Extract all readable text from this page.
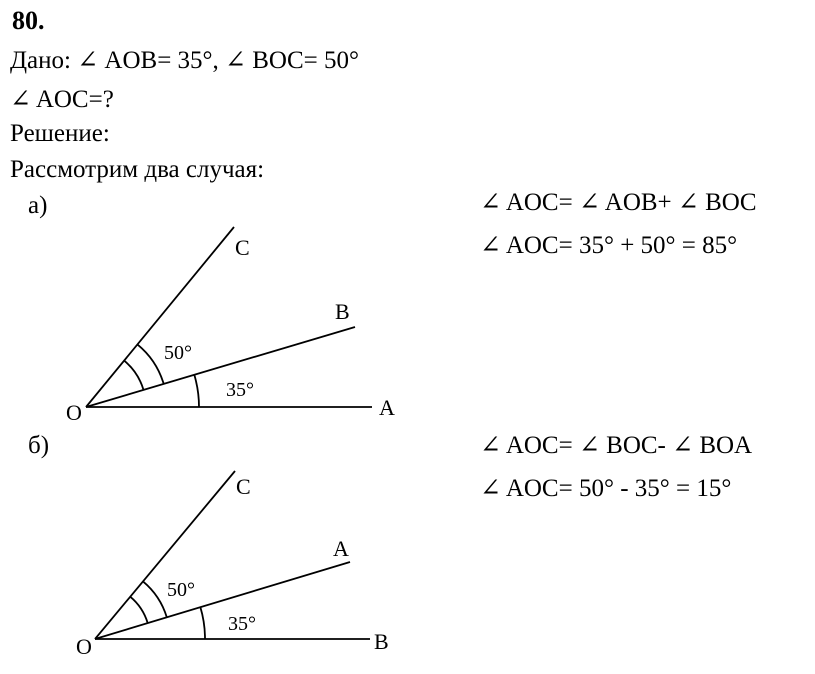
80.
Дано: ∠ AOB= 35°, ∠ BOC= 50°
∠ AOC=?
Решение:
Рассмотрим два случая:
а)	∠ AOC= ∠ AOB+ ∠ BOC
∠ AOC= 35° + 50° = 85°
б)	∠ AOC= ∠ BOC- ∠ BOA
∠ AOC= 50° - 35° = 15°
O	A
B
C
35°
50°
O	B
A
C
35°
50°
